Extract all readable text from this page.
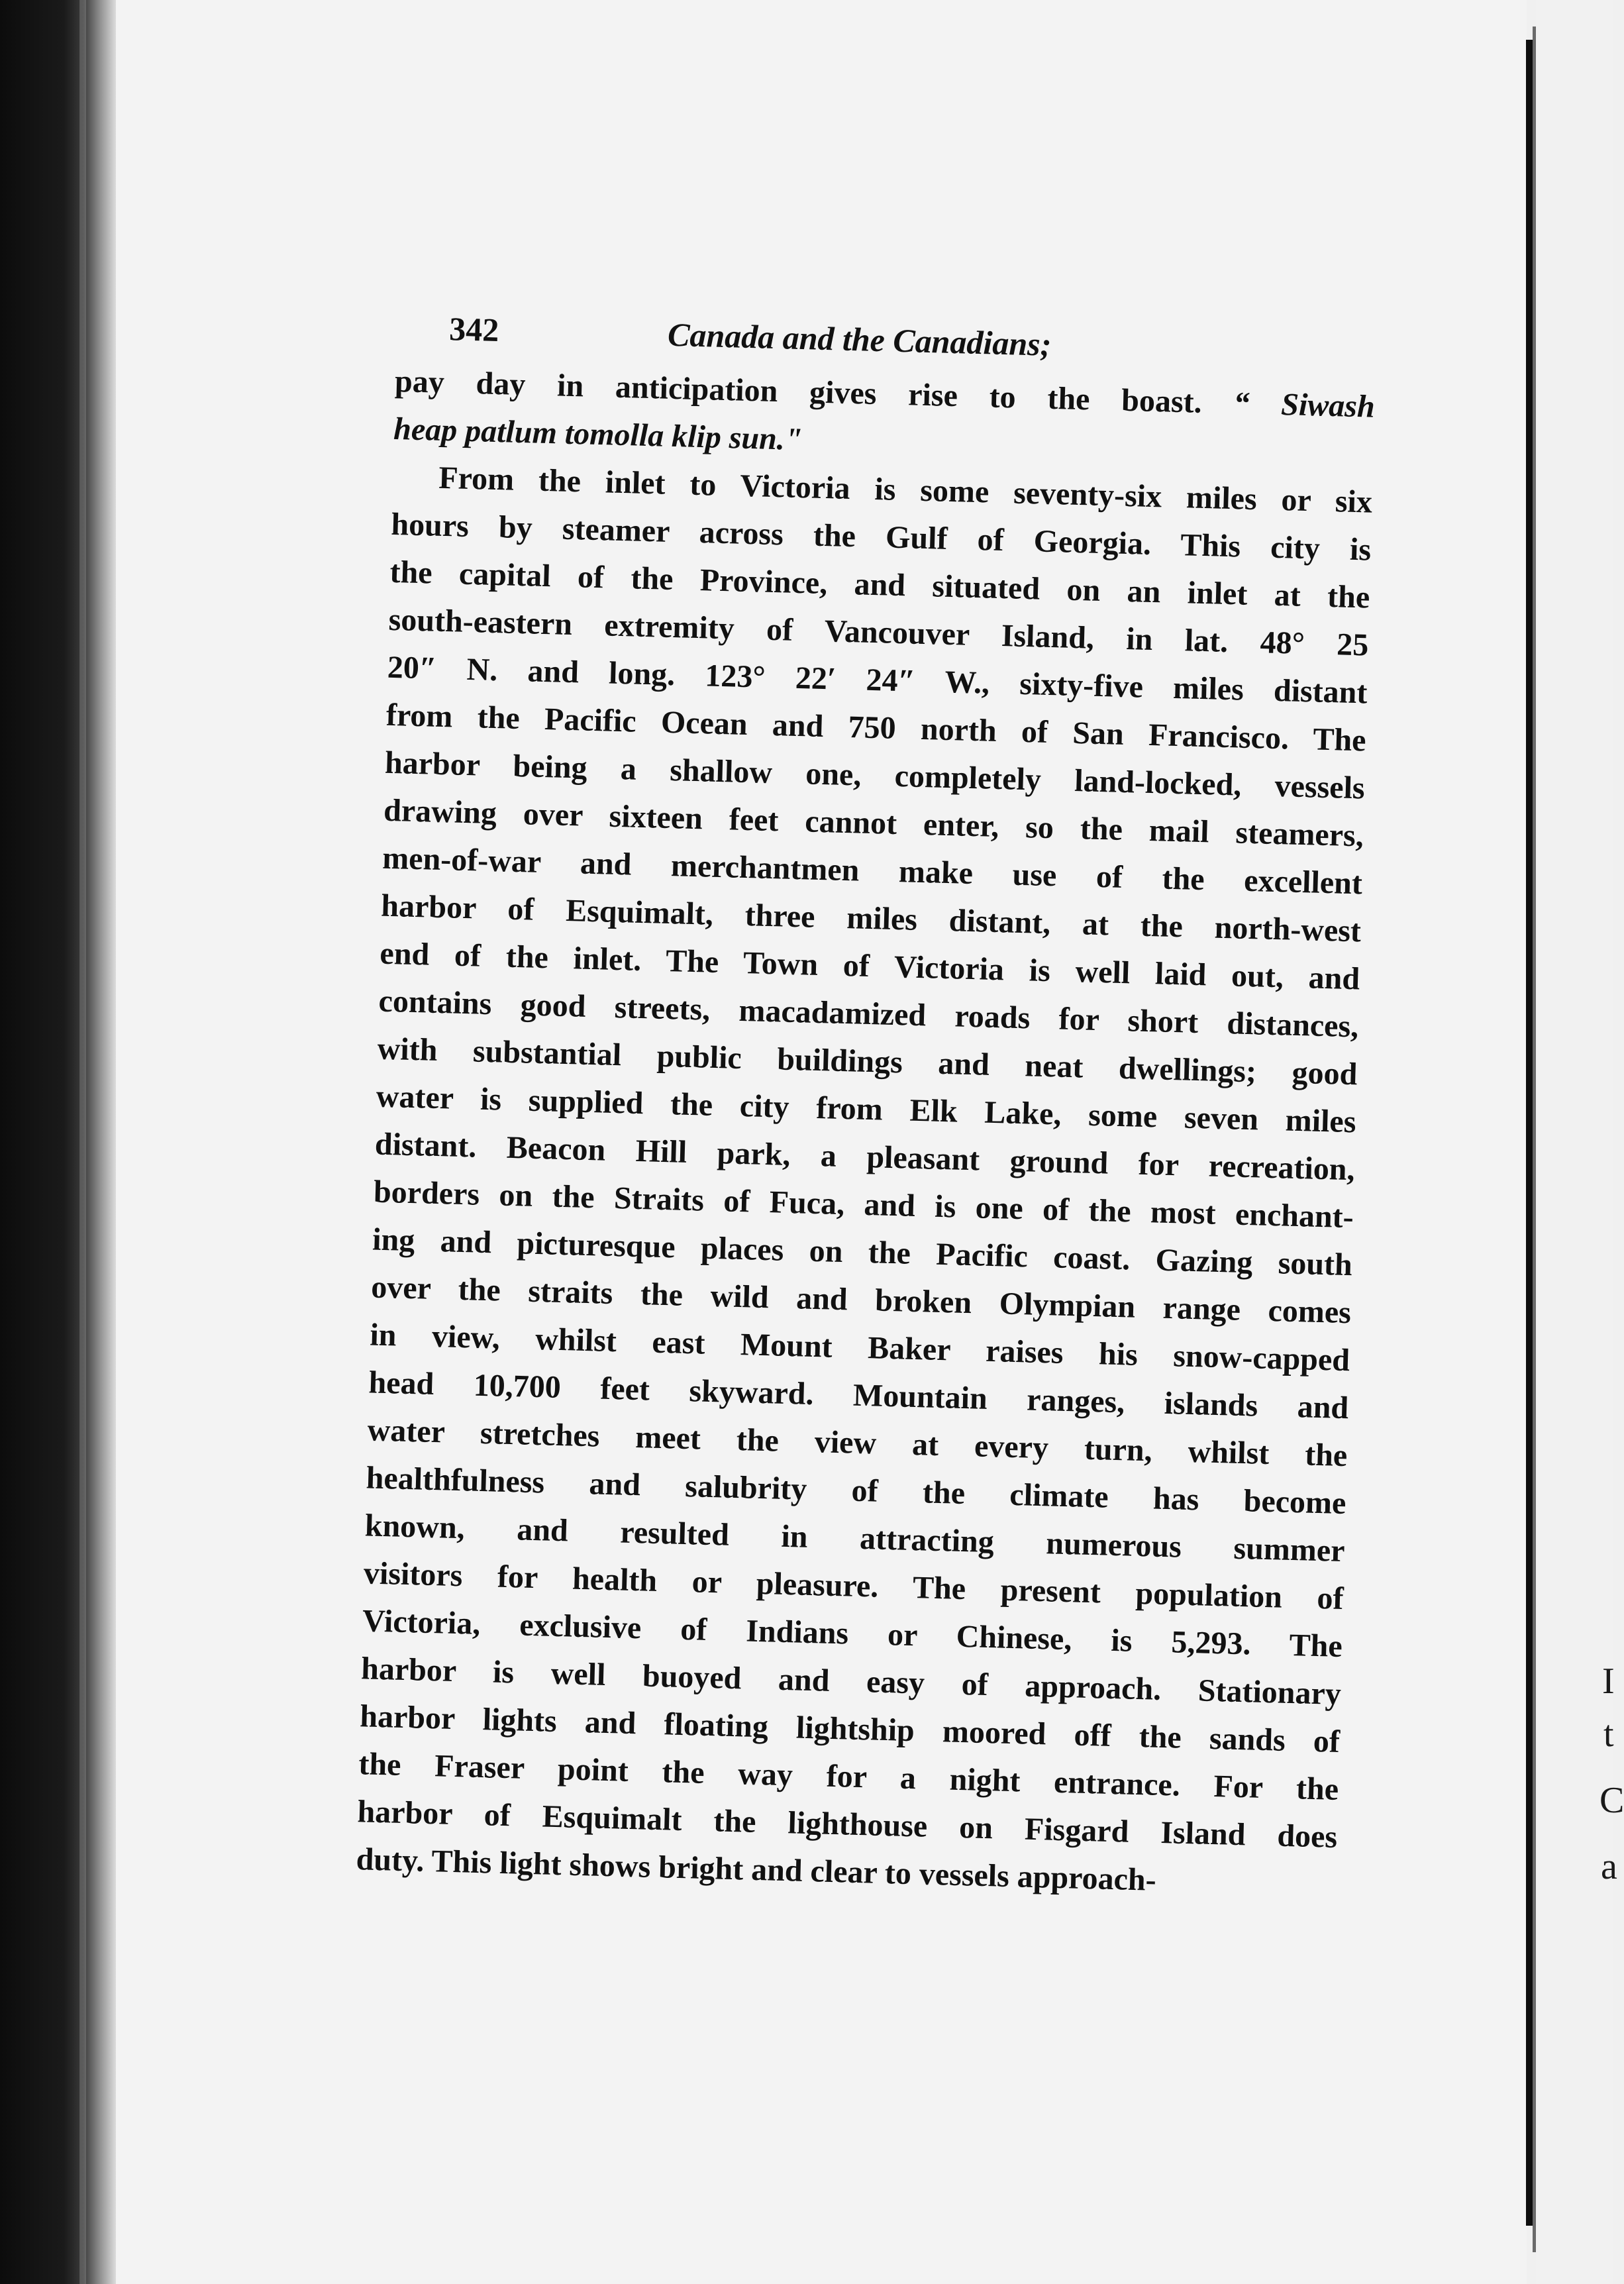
I
t
C
a
342	Canada and the Canadians;
pay day in anticipation gives rise to the boast. “ Siwash
heap patlum tomolla klip sun."
From the inlet to Victoria is some seventy-six miles or six
hours by steamer across the Gulf of Georgia. This city is
the capital of the Province, and situated on an inlet at the
south-eastern extremity of Vancouver Island, in lat. 48° 25
20″ N. and long. 123° 22′ 24″ W., sixty-five miles distant
from the Pacific Ocean and 750 north of San Francisco. The
harbor being a shallow one, completely land-locked, vessels
drawing over sixteen feet cannot enter, so the mail steamers,
men-of-war and merchantmen make use of the excellent
harbor of Esquimalt, three miles distant, at the north-west
end of the inlet. The Town of Victoria is well laid out, and
contains good streets, macadamized roads for short distances,
with substantial public buildings and neat dwellings; good
water is supplied the city from Elk Lake, some seven miles
distant. Beacon Hill park, a pleasant ground for recreation,
borders on the Straits of Fuca, and is one of the most enchant-
ing and picturesque places on the Pacific coast. Gazing south
over the straits the wild and broken Olympian range comes
in view, whilst east Mount Baker raises his snow-capped
head 10,700 feet skyward. Mountain ranges, islands and
water stretches meet the view at every turn, whilst the
healthfulness and salubrity of the climate has become
known, and resulted in attracting numerous summer
visitors for health or pleasure. The present population of
Victoria, exclusive of Indians or Chinese, is 5,293. The
harbor is well buoyed and easy of approach. Stationary
harbor lights and floating lightship moored off the sands of
the Fraser point the way for a night entrance. For the
harbor of Esquimalt the lighthouse on Fisgard Island does
duty. This light shows bright and clear to vessels approach-
